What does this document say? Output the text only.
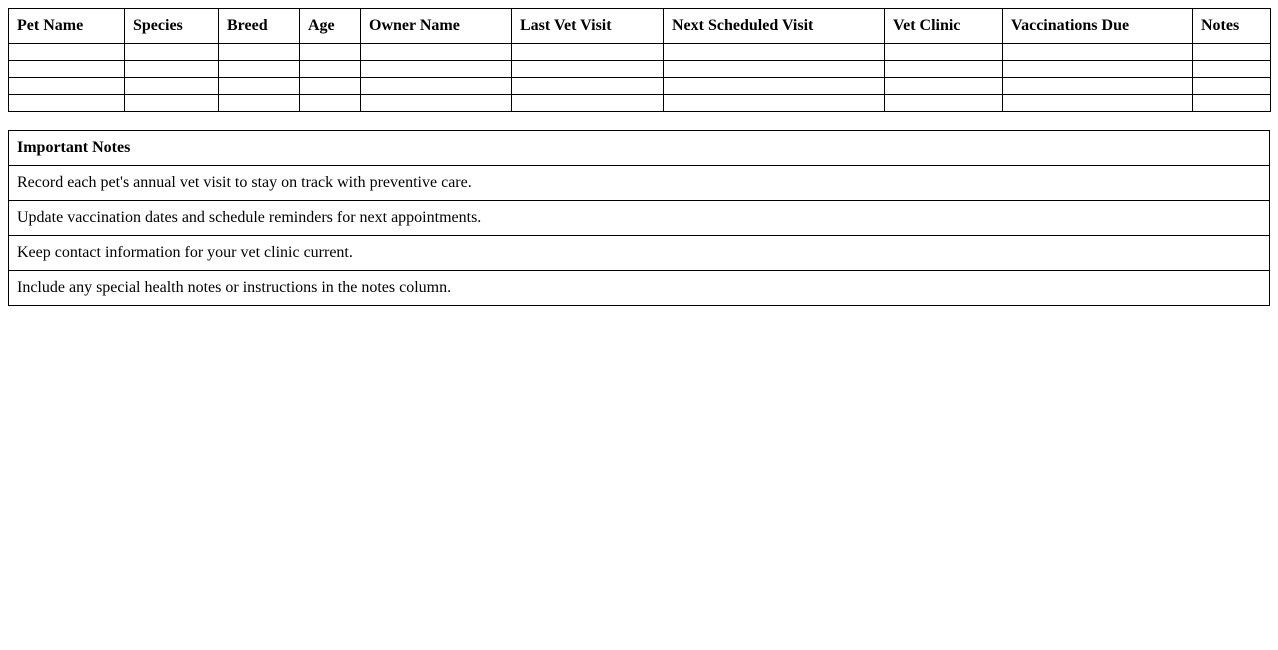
Pet Name	Species	Breed	Age	Owner Name	Last Vet Visit	Next Scheduled Visit	Vet Clinic	Vaccinations Due	Notes

Important Notes
Record each pet's annual vet visit to stay on track with preventive care.
Update vaccination dates and schedule reminders for next appointments.
Keep contact information for your vet clinic current.
Include any special health notes or instructions in the notes column.
